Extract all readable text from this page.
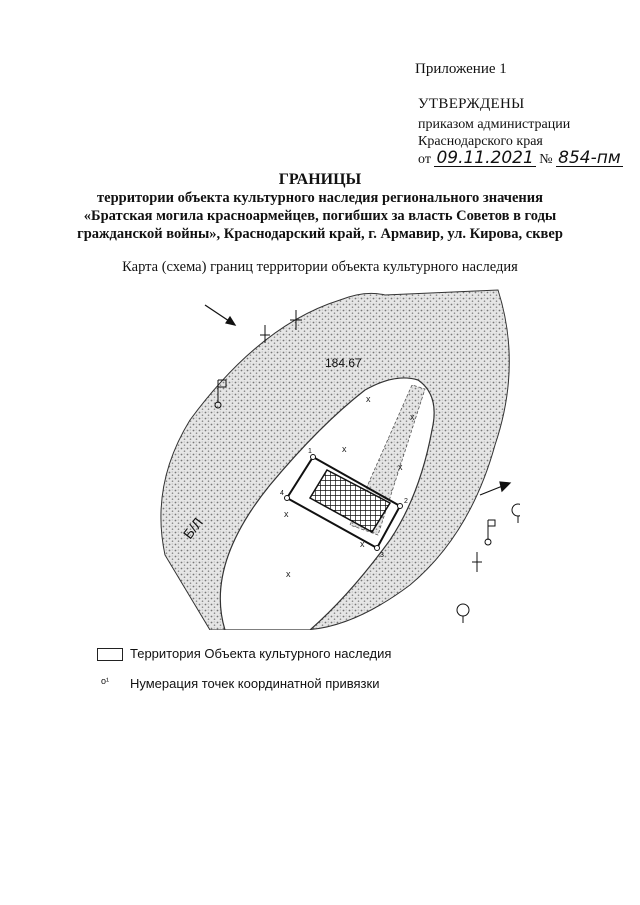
Приложение 1
УТВЕРЖДЕНЫ
приказом администрации
Краснодарского края
от 09.11.2021 № 854-пм
ГРАНИЦЫ
территории объекта культурного наследия регионального значения
«Братская могила красноармейцев, погибших за власть Советов в годы
гражданской войны», Краснодарский край, г. Армавир, ул. Кирова, сквер
Карта (схема) границ территории объекта культурного наследия
x
x
x
x
x
x
x
184.67
Б/Л
1
2
3
4
Территория Объекта культурного наследия
о¹ Нумерация точек координатной привязки
